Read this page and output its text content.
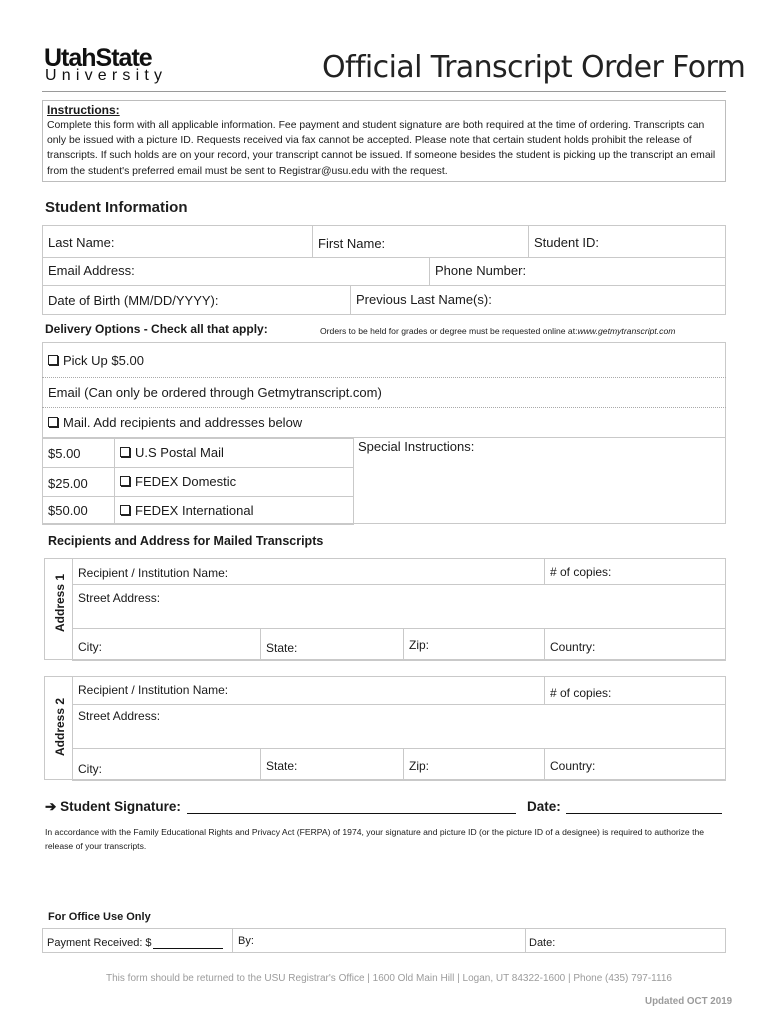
UtahState
University	Official Transcript Order Form
Instructions:
Complete this form with all applicable information. Fee payment and student signature are both required at the time of ordering. Transcripts can only be issued with a picture ID. Requests received via fax cannot be accepted. Please note that certain student holds prohibit the release of transcripts. If such holds are on your record, your transcript cannot be issued. If someone besides the student is picking up the transcript an email from the student's preferred email must be sent to Registrar@usu.edu with the request.
Student Information
Last Name:	First Name:	Student ID:
Email Address:	Phone Number:
Date of Birth (MM/DD/YYYY):	Previous Last Name(s):
Delivery Options - Check all that apply:	Orders to be held for grades or degree must be requested online at:www.getmytranscript.com
Pick Up $5.00
Email (Can only be ordered through Getmytranscript.com)
Mail. Add recipients and addresses below
$5.00	U.S Postal Mail
$25.00	FEDEX Domestic
$50.00	FEDEX International
Special Instructions:
Recipients and Address for Mailed Transcripts
Address 1
Recipient / Institution Name:			# of copies:
Street Address:			
City:	State:	Zip:	Country:
Address 2
Recipient / Institution Name:			# of copies:
Street Address:			
City:	State:	Zip:	Country:
➔ Student Signature:	Date:
In accordance with the Family Educational Rights and Privacy Act (FERPA) of 1974, your signature and picture ID (or the picture ID of a designee) is required to authorize the release of your transcripts.
For Office Use Only
Payment Received: $	By:	Date:
This form should be returned to the USU Registrar's Office | 1600 Old Main Hill | Logan, UT 84322-1600 | Phone (435) 797-1116
Updated OCT 2019
